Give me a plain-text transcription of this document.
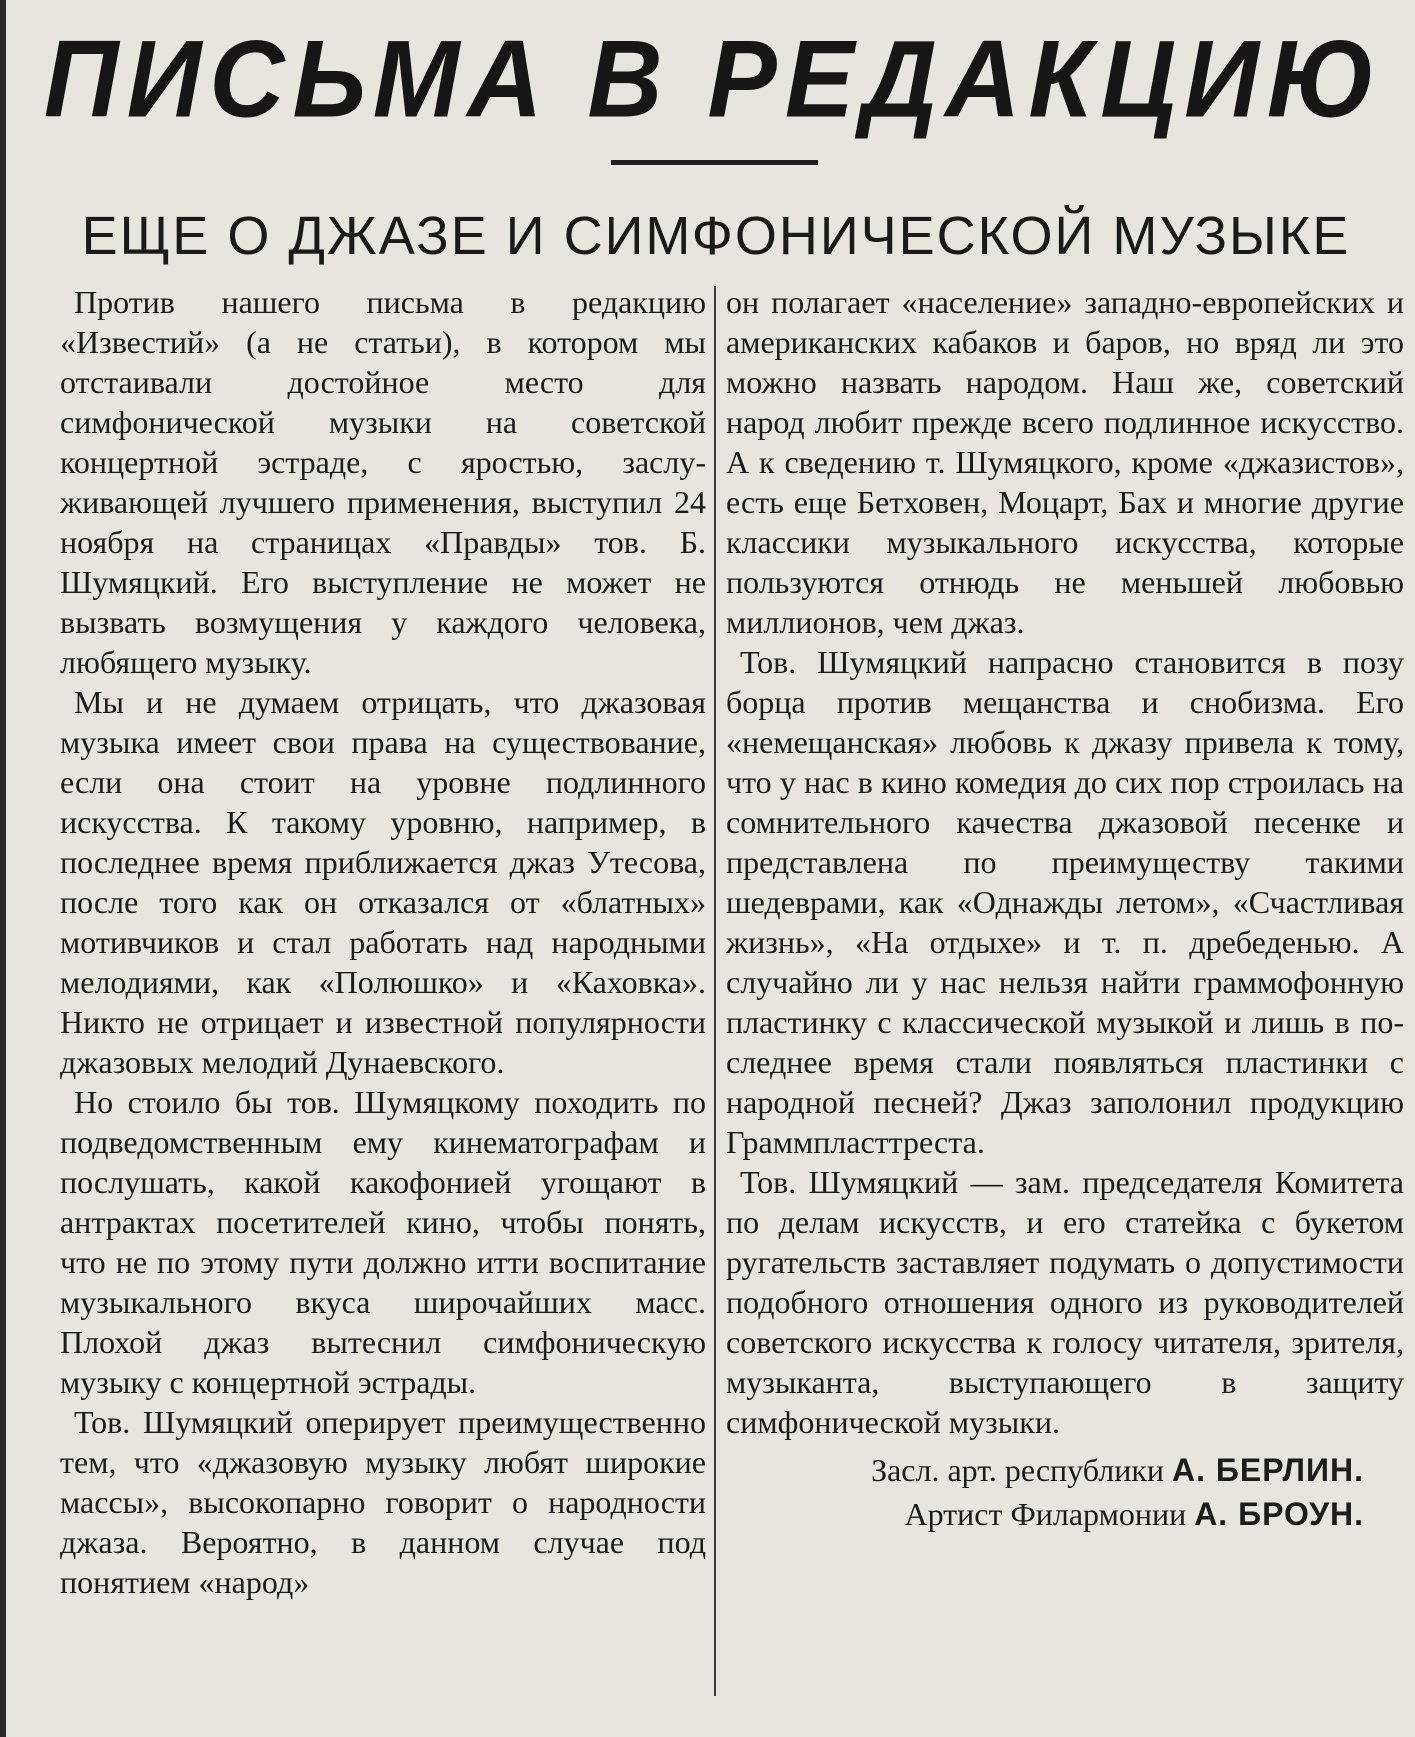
ПИСЬМА В РЕДАКЦИЮ
ЕЩЕ О ДЖАЗЕ И СИМФОНИЧЕСКОЙ МУЗЫКЕ

Против нашего письма в редакцию «Известий» (а не статьи), в котором мы отстаивали достойное место для симфонической музыки на советской концертной эстраде, с яростью, заслуживающей лучшего применения, выступил 24 ноября на страницах «Правды» тов. Б. Шумяцкий. Его выступление не может не вызвать возмущения у каждого человека, любящего музыку.

Мы и не думаем отрицать, что джазовая музыка имеет свои права на существование, если она стоит на уровне подлинного искусства. К такому уровню, например, в последнее время приближается джаз Утесова, после того как он отказался от «блатных» мотивчиков и стал работать над народными мелодиями, как «Полюшко» и «Каховка». Никто не отрицает и известной популярности джазовых мелодий Дунаевского.

Но стоило бы тов. Шумяцкому походить по подведомственным ему кинематографам и послушать, какой какофонией угощают в антрактах посетителей кино, чтобы понять, что не по этому пути должно итти воспитание музыкального вкуса широчайших масс. Плохой джаз вытеснил симфоническую музыку с концертной эстрады.

Тов. Шумяцкий оперирует преимущественно тем, что «джазовую музыку любят широкие массы», высокопарно говорит о народности джаза. Вероятно, в данном случае под понятием «народ»

он полагает «население» западно-европейских и американских кабаков и баров, но вряд ли это можно назвать народом. Наш же, советский народ любит прежде всего подлинное искусство. А к сведению т. Шумяцкого, кроме «джазистов», есть еще Бетховен, Моцарт, Бах и многие другие классики музыкального искусства, которые пользуются отнюдь не меньшей любовью миллионов, чем джаз.

Тов. Шумяцкий напрасно становится в позу борца против мещанства и снобизма. Его «немещанская» любовь к джазу привела к тому, что у нас в кино комедия до сих пор строилась на сомнительного качества джазовой песенке и представлена по преимуществу такими шедеврами, как «Однажды летом», «Счастливая жизнь», «На отдыхе» и т. п. дребеденью. А случайно ли у нас нельзя найти граммофонную пластинку с классической музыкой и лишь в последнее время стали появляться пластинки с народной песней? Джаз заполонил продукцию Граммпласттреста.

Тов. Шумяцкий — зам. председателя Комитета по делам искусств, и его статейка с букетом ругательств заставляет подумать о допустимости подобного отношения одного из руководителей советского искусства к голосу читателя, зрителя, музыканта, выступающего в защиту симфонической музыки.

Засл. арт. республики А. БЕРЛИН.
Артист Филармонии А. БРОУН.
